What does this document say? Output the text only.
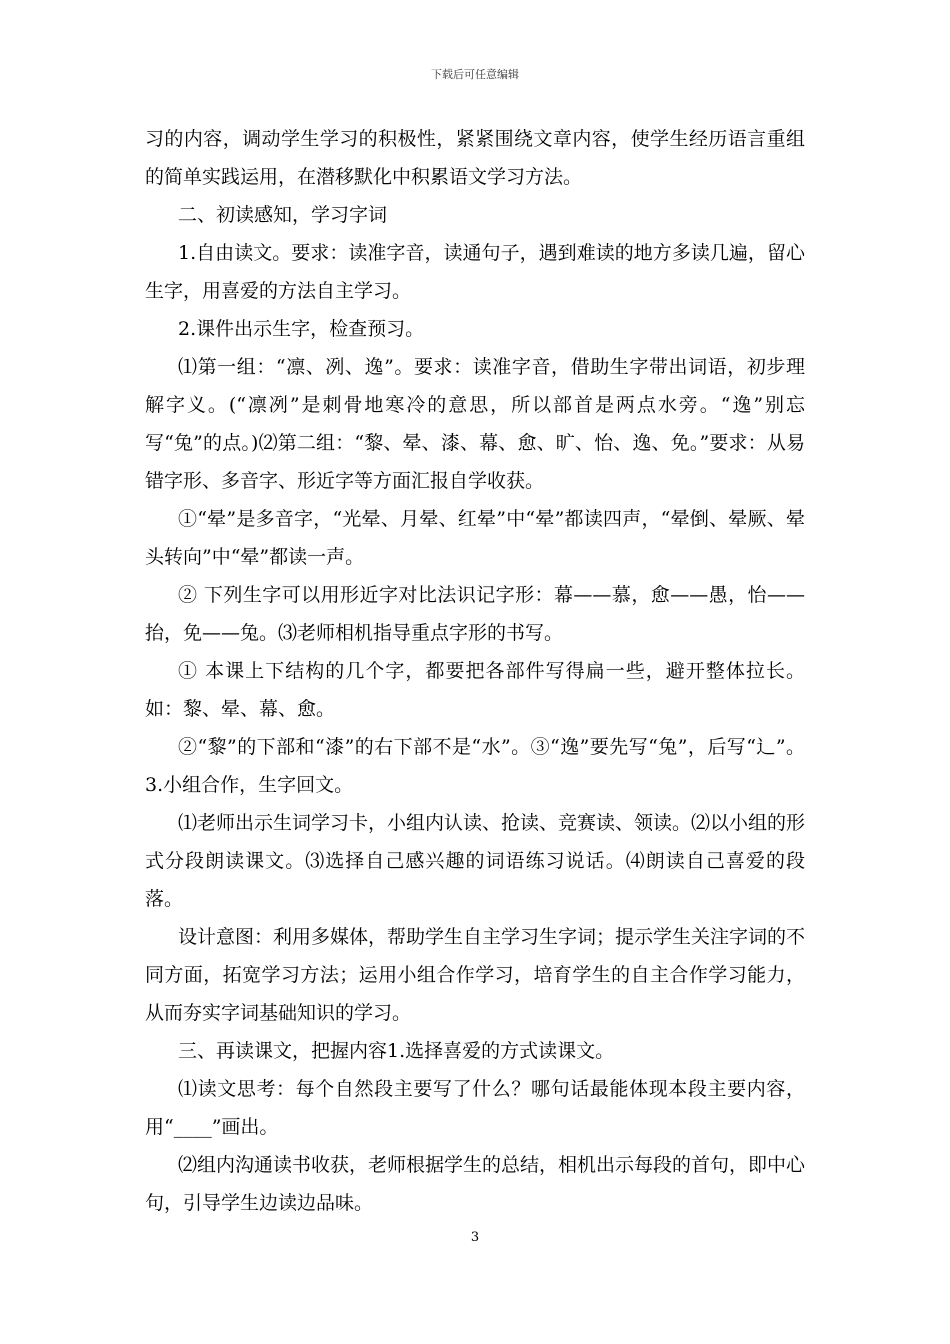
下载后可任意编辑

习的内容，调动学生学习的积极性，紧紧围绕文章内容，使学生经历语言重组的简单实践运用，在潜移默化中积累语文学习方法。

二、初读感知，学习字词

1.自由读文。要求：读准字音，读通句子，遇到难读的地方多读几遍，留心生字，用喜爱的方法自主学习。

2.课件出示生字，检查预习。

⑴第一组：“凛、冽、逸”。要求：读准字音，借助生字带出词语，初步理解字义。(“凛冽”是刺骨地寒冷的意思，所以部首是两点水旁。“逸”别忘写“兔”的点。)⑵第二组：“黎、晕、漆、幕、愈、旷、怡、逸、免。”要求：从易错字形、多音字、形近字等方面汇报自学收获。

①“晕”是多音字，“光晕、月晕、红晕”中“晕”都读四声，“晕倒、晕厥、晕头转向”中“晕”都读一声。

② 下列生字可以用形近字对比法识记字形：幕——慕，愈——愚，怡——抬，免——兔。⑶老师相机指导重点字形的书写。

① 本课上下结构的几个字，都要把各部件写得扁一些，避开整体拉长。如：黎、晕、幕、愈。

②“黎”的下部和“漆”的右下部不是“水”。③“逸”要先写“兔”，后写“辶”。3.小组合作，生字回文。

⑴老师出示生词学习卡，小组内认读、抢读、竞赛读、领读。⑵以小组的形式分段朗读课文。⑶选择自己感兴趣的词语练习说话。⑷朗读自己喜爱的段落。

设计意图：利用多媒体，帮助学生自主学习生字词；提示学生关注字词的不同方面，拓宽学习方法；运用小组合作学习，培育学生的自主合作学习能力，从而夯实字词基础知识的学习。

三、再读课文，把握内容1.选择喜爱的方式读课文。

⑴读文思考：每个自然段主要写了什么？哪句话最能体现本段主要内容，用“____”画出。

⑵组内沟通读书收获，老师根据学生的总结，相机出示每段的首句，即中心句，引导学生边读边品味。

3
